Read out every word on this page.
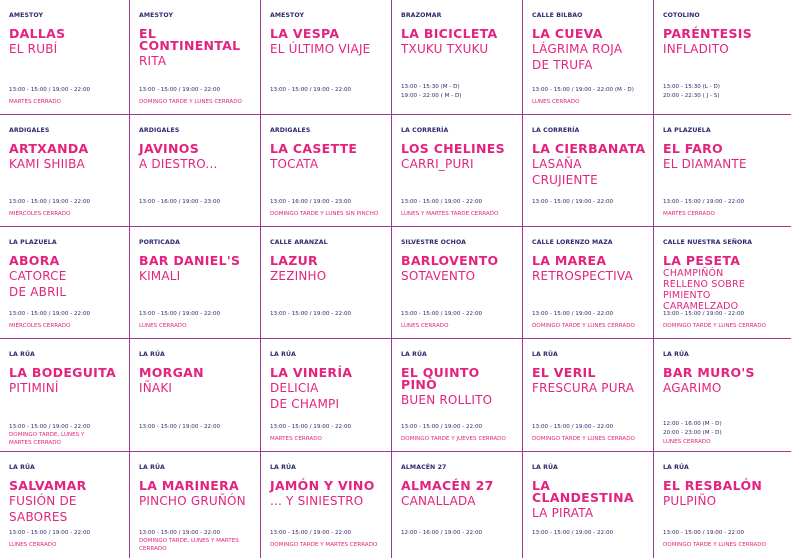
AMESTOY
DALLAS
EL RUBÍ
13:00 - 15:00 / 19:00 - 22:00
MARTES CERRADO
AMESTOY
EL
CONTINENTAL
RITA
13:00 - 15:00 / 19:00 - 22:00
DOMINGO TARDE Y LUNES CERRADO
AMESTOY
LA VESPA
EL ÚLTIMO VIAJE
13:00 - 15:00 / 19:00 - 22:00
BRAZOMAR
LA BICICLETA
TXUKU TXUKU
13:00 - 15:30 (M - D)
19:00 - 22:00 ( M - D)
CALLE BILBAO
LA CUEVA
LÁGRIMA ROJA
DE TRUFA
13:00 - 15:00 / 19:00 - 22:00 (M - D)
LUNES CERRADO
COTOLINO
PARÉNTESIS
INFLADITO
13:00 - 15:30 (L - D)
20:00 - 22:30 ( J - S)
ARDIGALES
ARTXANDA
KAMI SHIIBA
13:00 - 15:00 / 19:00 - 22:00
MIÉRCOLES CERRADO
ARDIGALES
JAVINOS
A DIESTRO...
13:00 - 16:00 / 19:00 - 23:00
ARDIGALES
LA CASETTE
TOCATA
13:00 - 16:00 / 19:00 - 23:00
DOMINGO TARDE Y LUNES SIN PINCHO
LA CORRERÍA
LOS CHELINES
CARRI_PURI
13:00 - 15:00 / 19:00 - 22:00
LUNES Y MARTES TARDE CERRADO
LA CORRERÍA
LA CIERBANATA
LASAÑA
CRUJIENTE
13:00 - 15:00 / 19:00 - 22:00
LA PLAZUELA
EL FARO
EL DIAMANTE
13:00 - 15:00 / 19:00 - 22:00
MARTES CERRADO
LA PLAZUELA
ABORA
CATORCE
DE ABRIL
13:00 - 15:00 / 19:00 - 22:00
MIÉRCOLES CERRADO
PORTICADA
BAR DANIEL'S
KIMALI
13:00 - 15:00 / 19:00 - 22:00
LUNES CERRADO
CALLE ARANZAL
LAZUR
ZEZINHO
13:00 - 15:00 / 19:00 - 22:00
SILVESTRE OCHOA
BARLOVENTO
SOTAVENTO
13:00 - 15:00 / 19:00 - 22:00
LUNES CERRADO
CALLE LORENZO MAZA
LA MAREA
RETROSPECTIVA
13:00 - 15:00 / 19:00 - 22:00
DOMINGO TARDE Y LUNES CERRADO
CALLE NUESTRA SEÑORA
LA PESETA
CHAMPIÑÓN
RELLENO SOBRE
PIMIENTO CARAMELZADO
13:00 - 15:00 / 19:00 - 22:00
DOMINGO TARDE Y LUNES CERRADO
LA RÚA
LA BODEGUITA
PITIMINÍ
13:00 - 15:00 / 19:00 - 22:00
DOMINGO TARDE, LUNES Y
MARTES CERRADO
LA RÚA
MORGAN
IÑAKI
13:00 - 15:00 / 19:00 - 22:00
LA RÚA
LA VINERÍA
DELICIA
DE CHAMPI
13:00 - 15:00 / 19:00 - 22:00
MARTES CERRADO
LA RÚA
EL QUINTO
PINO
BUEN ROLLITO
13:00 - 15:00 / 19:00 - 22:00
DOMINGO TARDE Y JUEVES CERRADO
LA RÚA
EL VERIL
FRESCURA PURA
13:00 - 15:00 / 19:00 - 22:00
DOMINGO TARDE Y LUNES CERRADO
LA RÚA
BAR MURO'S
AGARIMO
12:00 - 16:00 (M - D)
20:00 - 23:00 (M - D)
LUNES CERRADO
LA RÚA
SALVAMAR
FUSIÓN DE
SABORES
13:00 - 15:00 / 19:00 - 22:00
LUNES CERRADO
LA RÚA
LA MARINERA
PINCHO GRUÑÓN
13:00 - 15:00 / 19:00 - 22:00
DOMINGO TARDE, LUNES Y MARTES
CERRADO
LA RÚA
JAMÓN Y VINO
... Y SINIESTRO
13:00 - 15:00 / 19:00 - 22:00
DOMINGO TARDE Y MARTES CERRADO
ALMACÉN 27
ALMACÉN 27
CANALLADA
12:00 - 16:00 / 19:00 - 22:00
LA RÚA
LA
CLANDESTINA
LA PIRATA
13:00 - 15:00 / 19:00 - 22:00
LA RÚA
EL RESBALÓN
PULPIÑO
13:00 - 15:00 / 19:00 - 22:00
DOMINGO TARDE Y LUNES CERRADO
